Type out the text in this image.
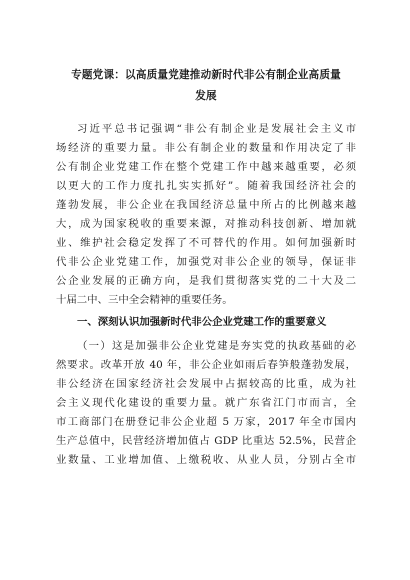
专题党课：以高质量党建推动新时代非公有制企业高质量
发展
习近平总书记强调“非公有制企业是发展社会主义市
场经济的重要力量。非公有制企业的数量和作用决定了非
公有制企业党建工作在整个党建工作中越来越重要，必须
以更大的工作力度扎扎实实抓好”。随着我国经济社会的
蓬勃发展，非公企业在我国经济总量中所占的比例越来越
大，成为国家税收的重要来源，对推动科技创新、增加就
业、维护社会稳定发挥了不可替代的作用。如何加强新时
代非公企业党建工作，加强党对非公企业的领导，保证非
公企业发展的正确方向，是我们贯彻落实党的二十大及二
十届二中、三中全会精神的重要任务。
一、深刻认识加强新时代非公企业党建工作的重要意义
（一）这是加强非公企业党建是夯实党的执政基础的必
然要求。改革开放 40 年，非公企业如雨后春笋般蓬勃发展，
非公经济在国家经济社会发展中占据较高的比重，成为社
会主义现代化建设的重要力量。就广东省江门市而言，全
市工商部门在册登记非公企业超 5 万家，2017 年全市国内
生产总值中，民营经济增加值占 GDP 比重达 52.5%，民营企
业数量、工业增加值、上缴税收、从业人员，分别占全市
